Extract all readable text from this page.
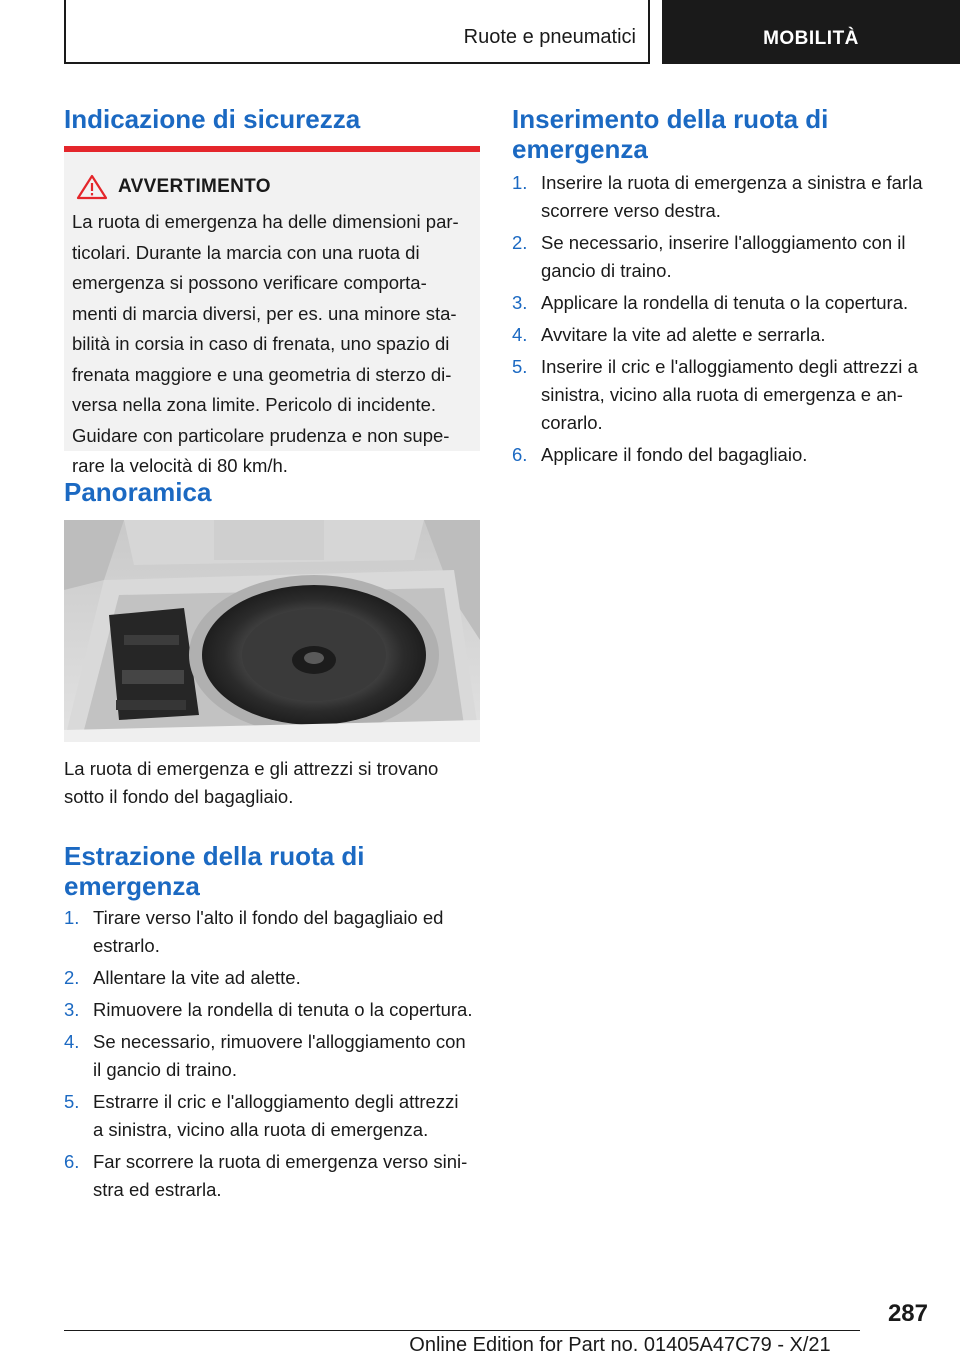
Ruote e pneumatici	MOBILITÀ
Indicazione di sicurezza
AVVERTIMENTO
La ruota di emergenza ha delle dimensioni par-
ticolari. Durante la marcia con una ruota di
emergenza si possono verificare comporta-
menti di marcia diversi, per es. una minore sta-
bilità in corsia in caso di frenata, uno spazio di
frenata maggiore e una geometria di sterzo di-
versa nella zona limite. Pericolo di incidente.
Guidare con particolare prudenza e non supe-
rare la velocità di 80 km/h.
Panoramica
La ruota di emergenza e gli attrezzi si trovano
sotto il fondo del bagagliaio.
Estrazione della ruota di
emergenza
1. Tirare verso l'alto il fondo del bagagliaio ed
estrarlo.
2. Allentare la vite ad alette.
3. Rimuovere la rondella di tenuta o la copertura.
4. Se necessario, rimuovere l'alloggiamento con
il gancio di traino.
5. Estrarre il cric e l'alloggiamento degli attrezzi
a sinistra, vicino alla ruota di emergenza.
6. Far scorrere la ruota di emergenza verso sini-
stra ed estrarla.
Inserimento della ruota di
emergenza
1. Inserire la ruota di emergenza a sinistra e farla
scorrere verso destra.
2. Se necessario, inserire l'alloggiamento con il
gancio di traino.
3. Applicare la rondella di tenuta o la copertura.
4. Avvitare la vite ad alette e serrarla.
5. Inserire il cric e l'alloggiamento degli attrezzi a
sinistra, vicino alla ruota di emergenza e an-
corarlo.
6. Applicare il fondo del bagagliaio.
287
Online Edition for Part no. 01405A47C79 - X/21
